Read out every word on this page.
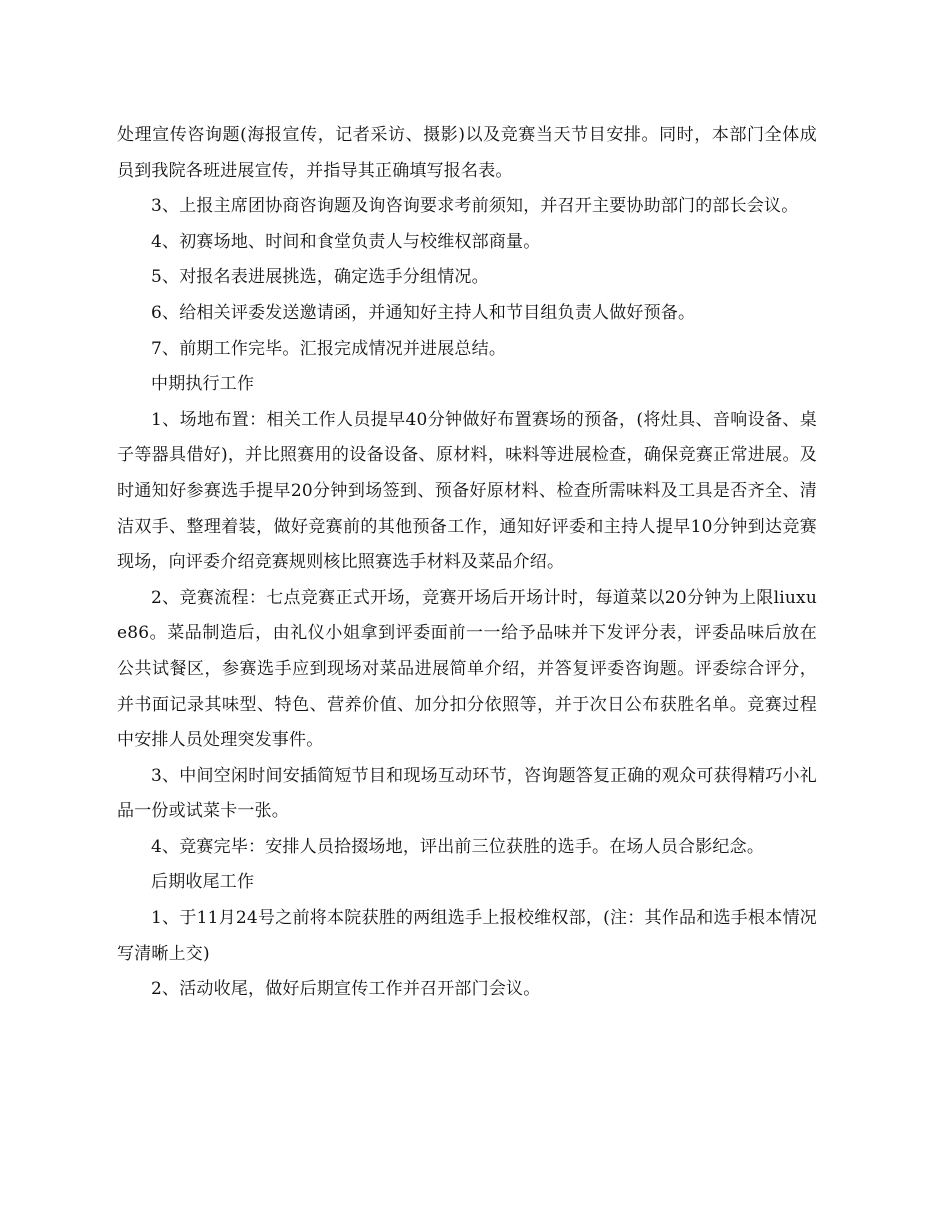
处理宣传咨询题(海报宣传，记者采访、摄影)以及竞赛当天节目安排。同时，本部门全体成员到我院各班进展宣传，并指导其正确填写报名表。

3、上报主席团协商咨询题及询咨询要求考前须知，并召开主要协助部门的部长会议。

4、初赛场地、时间和食堂负责人与校维权部商量。

5、对报名表进展挑选，确定选手分组情况。

6、给相关评委发送邀请函，并通知好主持人和节目组负责人做好预备。

7、前期工作完毕。汇报完成情况并进展总结。

中期执行工作

1、场地布置：相关工作人员提早40分钟做好布置赛场的预备，(将灶具、音响设备、桌子等器具借好)，并比照赛用的设备设备、原材料，味料等进展检查，确保竞赛正常进展。及时通知好参赛选手提早20分钟到场签到、预备好原材料、检查所需味料及工具是否齐全、清洁双手、整理着装，做好竞赛前的其他预备工作，通知好评委和主持人提早10分钟到达竞赛现场，向评委介绍竞赛规则核比照赛选手材料及菜品介绍。

2、竞赛流程：七点竞赛正式开场，竞赛开场后开场计时，每道菜以20分钟为上限liuxue86。菜品制造后，由礼仪小姐拿到评委面前一一给予品味并下发评分表，评委品味后放在公共试餐区，参赛选手应到现场对菜品进展简单介绍，并答复评委咨询题。评委综合评分，并书面记录其味型、特色、营养价值、加分扣分依照等，并于次日公布获胜名单。竞赛过程中安排人员处理突发事件。

3、中间空闲时间安插简短节目和现场互动环节，咨询题答复正确的观众可获得精巧小礼品一份或试菜卡一张。

4、竞赛完毕：安排人员拾掇场地，评出前三位获胜的选手。在场人员合影纪念。

后期收尾工作

1、于11月24号之前将本院获胜的两组选手上报校维权部，(注：其作品和选手根本情况写清晰上交)

2、活动收尾，做好后期宣传工作并召开部门会议。
